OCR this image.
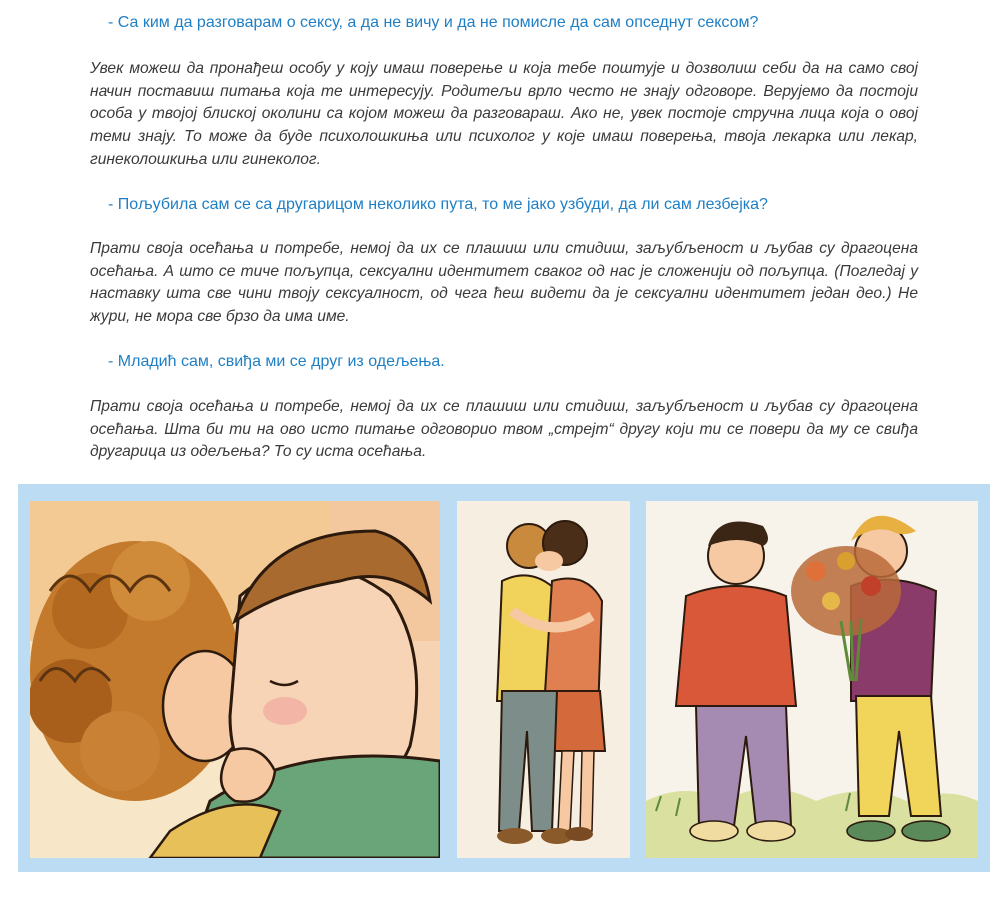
- Са ким да разговарам о сексу, а да не вичу и да не помисле да сам опседнут сексом?
Увек можеш да пронађеш особу у коју имаш поверење и која тебе поштује и дозволиш себи да на само свој начин поставиш питања која те интересују. Родитељи врло често не знају одговоре. Верујемо да постоји особа у твојој блиској околини са којом можеш да разговараш. Ако не, увек постоје стручна лица која о овој теми знају. То може да буде психолошкиња или психолог у које имаш поверења, твоја лекарка или лекар, гинеколошкиња или гинеколог.
- Пољубила сам се са другарицом неколико пута, то ме јако узбуди, да ли сам лезбејка?
Прати своја осећања и потребе, немој да их се плашиш или стидиш, заљубљеност и љубав су драгоцена осећања. А што се тиче пољупца, сексуални идентитет сваког од нас је сложенији од пољупца. (Погледај у наставку шта све чини твоју сексуалност, од чега ћеш видети да је сексуални идентитет један део.) Не жури, не мора све брзо да има име.
- Младић сам, свиђа ми се друг из одељења.
Прати своја осећања и потребе, немој да их се плашиш или стидиш, заљубљеност и љубав су драгоцена осећања. Шта би ти на ово исто питање одговорио твом „стрејт“ другу који ти се повери да му се свиђа другарица из одељења? То су иста осећања.
